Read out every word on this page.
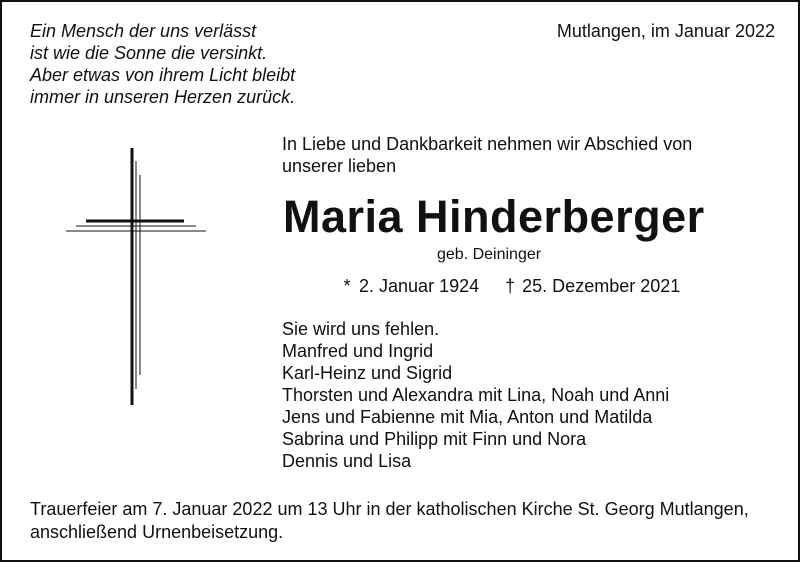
Ein Mensch der uns verlässt
ist wie die Sonne die versinkt.
Aber etwas von ihrem Licht bleibt
immer in unseren Herzen zurück.
Mutlangen, im Januar 2022
In Liebe und Dankbarkeit nehmen wir Abschied von
unserer lieben
Maria Hinderberger
geb. Deininger
* 2. Januar 1924 † 25. Dezember 2021
Sie wird uns fehlen.
Manfred und Ingrid
Karl-Heinz und Sigrid
Thorsten und Alexandra mit Lina, Noah und Anni
Jens und Fabienne mit Mia, Anton und Matilda
Sabrina und Philipp mit Finn und Nora
Dennis und Lisa
Trauerfeier am 7. Januar 2022 um 13 Uhr in der katholischen Kirche St. Georg Mutlangen,
anschließend Urnenbeisetzung.
